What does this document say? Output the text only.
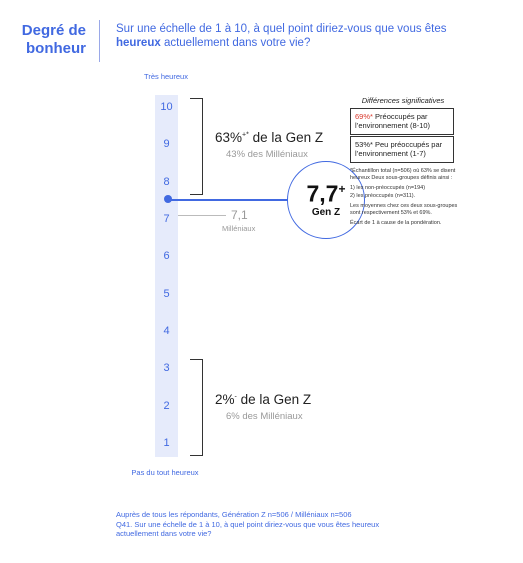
Degré de bonheur
Sur une échelle de 1 à 10, à quel point diriez-vous que vous êtes heureux actuellement dans votre vie?
Très heureux
10
9
8
7
6
5
4
3
2
1
Pas du tout heureux
63%+* de la Gen Z
43% des Milléniaux
2%- de la Gen Z
6% des Milléniaux
7,7+
Gen Z
7,1
Milléniaux
Différences significatives
69%* Préoccupés par l’environnement (8-10)
53%* Peu préoccupés par l’environnement (1-7)

*Échantillon total (n=506) où 63% se disent heureux Deux sous-groupes définis ainsi :

1) les non-préoccupés (n=194)
2) les préoccupés (n=311).

Les moyennes chez ces deux sous-groupes sont respectivement 53% et 69%.

Écart de 1 à cause de la pondération.

Auprès de tous les répondants, Génération Z n=506 / Milléniaux n=506
Q41. Sur une échelle de 1 à 10, à quel point diriez-vous que vous êtes heureux actuellement dans votre vie?
